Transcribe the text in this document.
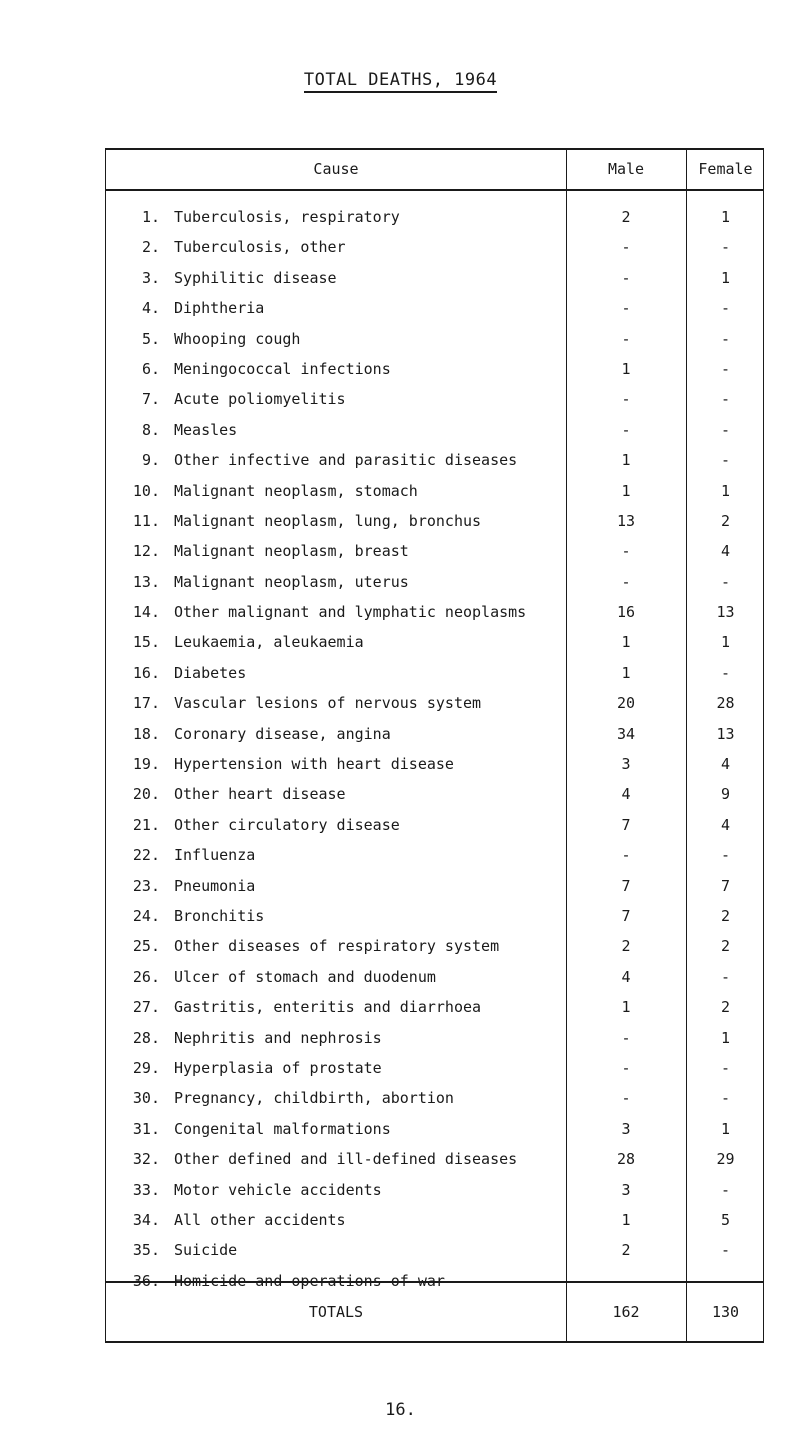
TOTAL DEATHS, 1964
Cause	Male	Female
1. Tuberculosis, respiratory	2	1
2. Tuberculosis, other	-	-
3. Syphilitic disease	-	1
4. Diphtheria	-	-
5. Whooping cough	-	-
6. Meningococcal infections	1	-
7. Acute poliomyelitis	-	-
8. Measles	-	-
9. Other infective and parasitic diseases	1	-
10. Malignant neoplasm, stomach	1	1
11. Malignant neoplasm, lung, bronchus	13	2
12. Malignant neoplasm, breast	-	4
13. Malignant neoplasm, uterus	-	-
14. Other malignant and lymphatic neoplasms	16	13
15. Leukaemia, aleukaemia	1	1
16. Diabetes	1	-
17. Vascular lesions of nervous system	20	28
18. Coronary disease, angina	34	13
19. Hypertension with heart disease	3	4
20. Other heart disease	4	9
21. Other circulatory disease	7	4
22. Influenza	-	-
23. Pneumonia	7	7
24. Bronchitis	7	2
25. Other diseases of respiratory system	2	2
26. Ulcer of stomach and duodenum	4	-
27. Gastritis, enteritis and diarrhoea	1	2
28. Nephritis and nephrosis	-	1
29. Hyperplasia of prostate	-	-
30. Pregnancy, childbirth, abortion	-	-
31. Congenital malformations	3	1
32. Other defined and ill-defined diseases	28	29
33. Motor vehicle accidents	3	-
34. All other accidents	1	5
35. Suicide	2	-
36. Homicide and operations of war	-	-
TOTALS	162	130
16.
